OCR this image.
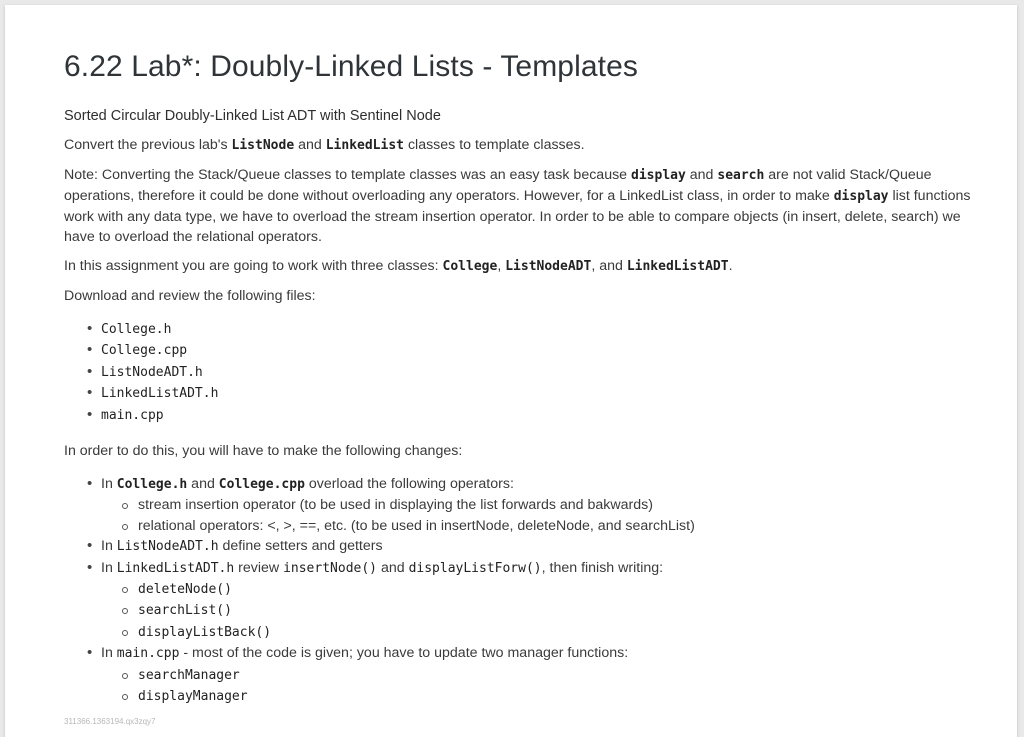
6.22 Lab*: Doubly-Linked Lists - Templates
Sorted Circular Doubly-Linked List ADT with Sentinel Node

Convert the previous lab's ListNode and LinkedList classes to template classes.

Note: Converting the Stack/Queue classes to template classes was an easy task because display and search are not valid Stack/Queue operations, therefore it could be done without overloading any operators. However, for a LinkedList class, in order to make display list functions work with any data type, we have to overload the stream insertion operator. In order to be able to compare objects (in insert, delete, search) we have to overload the relational operators.

In this assignment you are going to work with three classes: College, ListNodeADT, and LinkedListADT.

Download and review the following files:

• College.h
• College.cpp
• ListNodeADT.h
• LinkedListADT.h
• main.cpp

In order to do this, you will have to make the following changes:

• In College.h and College.cpp overload the following operators:
stream insertion operator (to be used in displaying the list forwards and bakwards)
relational operators: <, >, ==, etc. (to be used in insertNode, deleteNode, and searchList)
• In ListNodeADT.h define setters and getters
• In LinkedListADT.h review insertNode() and displayListForw(), then finish writing:
deleteNode()
searchList()
displayListBack()
• In main.cpp - most of the code is given; you have to update two manager functions:
searchManager
displayManager
311366.1363194.qx3zqy7
